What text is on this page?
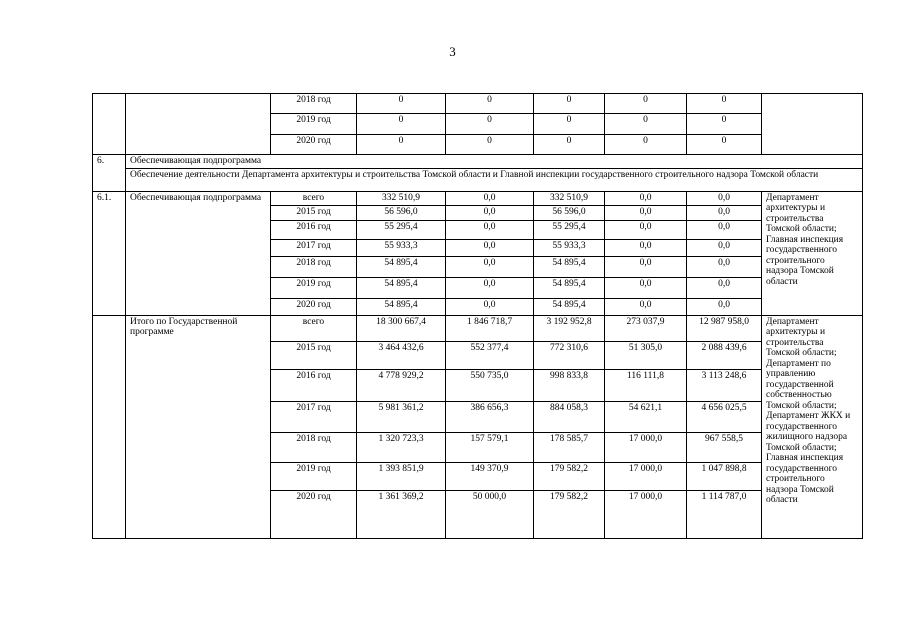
3
		2018 год	0	0	0	0	0	
		2019 год	0	0	0	0	0	
		2020 год	0	0	0	0	0	
6.	Обеспечивающая подпрограмма							
	Обеспечение деятельности Департамента архитектуры и строительства Томской области и Главной инспекции государственного строительного надзора Томской области							
6.1.	Обеспечивающая подпрограмма	всего	332 510,9	0,0	332 510,9	0,0	0,0	Департамент архитектуры и строительства Томской области; Главная инспекция государственного строительного надзора Томской области
		2015 год	56 596,0	0,0	56 596,0	0,0	0,0	
		2016 год	55 295,4	0,0	55 295,4	0,0	0,0	
		2017 год	55 933,3	0,0	55 933,3	0,0	0,0	
		2018 год	54 895,4	0,0	54 895,4	0,0	0,0	
		2019 год	54 895,4	0,0	54 895,4	0,0	0,0	
		2020 год	54 895,4	0,0	54 895,4	0,0	0,0	
	Итого по Государственной программе	всего	18 300 667,4	1 846 718,7	3 192 952,8	273 037,9	12 987 958,0	Департамент архитектуры и строительства Томской области; Департамент по управлению государственной собственностью Томской области; Департамент ЖКХ и государственного жилищного надзора Томской области; Главная инспекция государственного строительного надзора Томской области
		2015 год	3 464 432,6	552 377,4	772 310,6	51 305,0	2 088 439,6	
		2016 год	4 778 929,2	550 735,0	998 833,8	116 111,8	3 113 248,6	
		2017 год	5 981 361,2	386 656,3	884 058,3	54 621,1	4 656 025,5	
		2018 год	1 320 723,3	157 579,1	178 585,7	17 000,0	967 558,5	
		2019 год	1 393 851,9	149 370,9	179 582,2	17 000,0	1 047 898,8	
		2020 год	1 361 369,2	50 000,0	179 582,2	17 000,0	1 114 787,0	
